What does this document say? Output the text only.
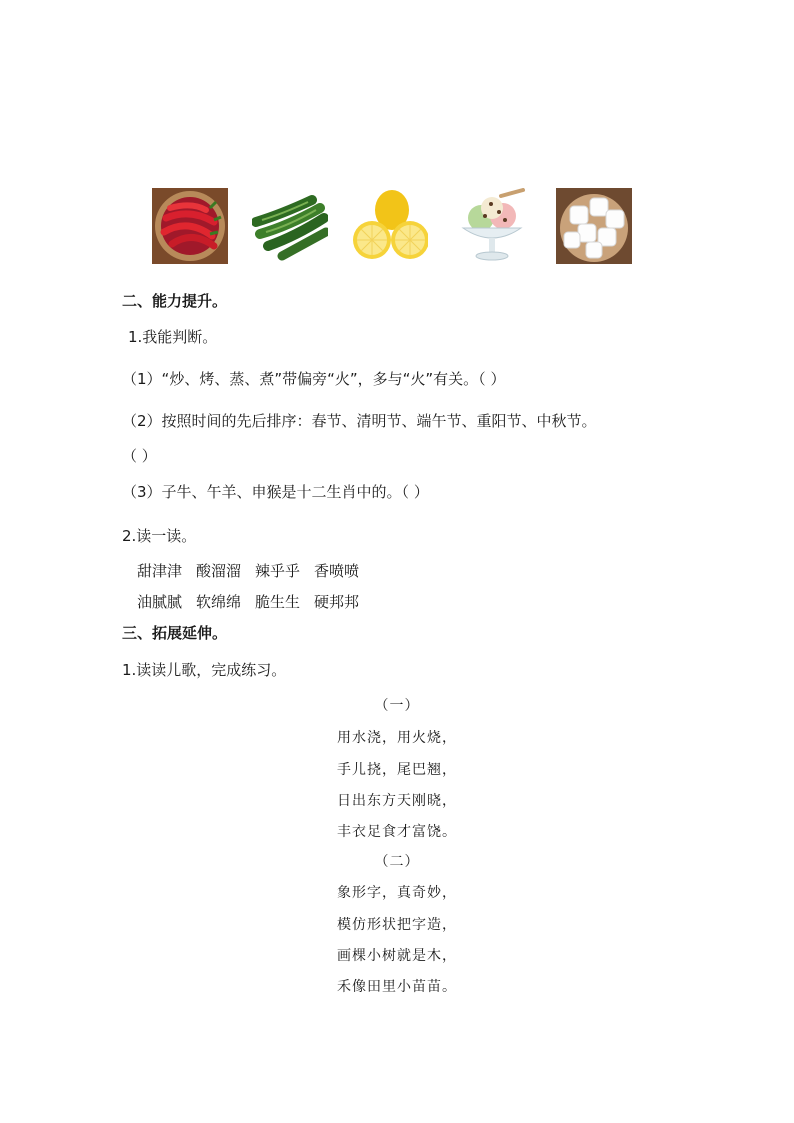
二、能力提升。
1.我能判断。
（1）“炒、烤、蒸、煮”带偏旁“火”，多与“火”有关。（ ）
（2）按照时间的先后排序：春节、清明节、端午节、重阳节、中秋节。
（ ）
（3）子牛、午羊、申猴是十二生肖中的。（ ）
2.读一读。
甜津津 酸溜溜 辣乎乎 香喷喷
油腻腻 软绵绵 脆生生 硬邦邦
三、拓展延伸。
1.读读儿歌，完成练习。
（一）
用水浇，用火烧，
手儿挠，尾巴翘，
日出东方天刚晓，
丰衣足食才富饶。
（二）
象形字，真奇妙，
模仿形状把字造，
画棵小树就是木，
禾像田里小苗苗。
